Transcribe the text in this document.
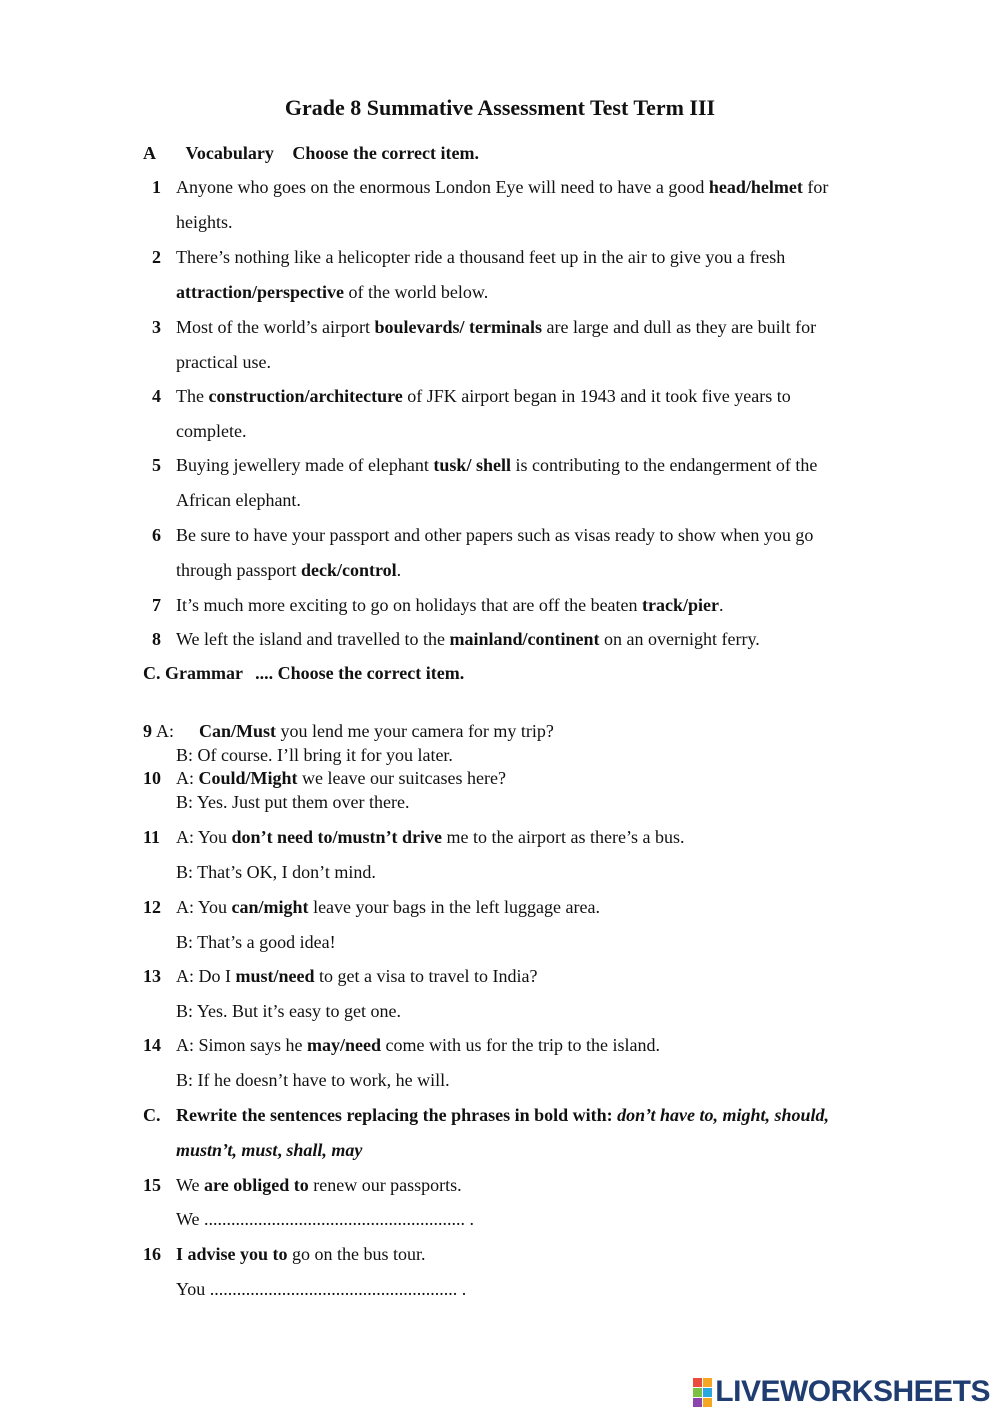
Grade 8 Summative Assessment Test Term III
A Vocabulary Choose the correct item.
1 Anyone who goes on the enormous London Eye will need to have a good head/helmet for
heights.
2 There’s nothing like a helicopter ride a thousand feet up in the air to give you a fresh
attraction/perspective of the world below.
3 Most of the world’s airport boulevards/ terminals are large and dull as they are built for
practical use.
4 The construction/architecture of JFK airport began in 1943 and it took five years to
complete.
5 Buying jewellery made of elephant tusk/ shell is contributing to the endangerment of the
African elephant.
6 Be sure to have your passport and other papers such as visas ready to show when you go
through passport deck/control.
7 It’s much more exciting to go on holidays that are off the beaten track/pier.
8 We left the island and travelled to the mainland/continent on an overnight ferry.
C. Grammar .... Choose the correct item.
9 A: Can/Must you lend me your camera for my trip?
B: Of course. I’ll bring it for you later.
10 A: Could/Might we leave our suitcases here?
B: Yes. Just put them over there.
11 A: You don’t need to/mustn’t drive me to the airport as there’s a bus.
B: That’s OK, I don’t mind.
12 A: You can/might leave your bags in the left luggage area.
B: That’s a good idea!
13 A: Do I must/need to get a visa to travel to India?
B: Yes. But it’s easy to get one.
14 A: Simon says he may/need come with us for the trip to the island.
B: If he doesn’t have to work, he will.
C. Rewrite the sentences replacing the phrases in bold with: don’t have to, might, should,
mustn’t, must, shall, may
15 We are obliged to renew our passports.
We .......................................................... .
16 I advise you to go on the bus tour.
You ....................................................... .
LIVEWORKSHEETS
